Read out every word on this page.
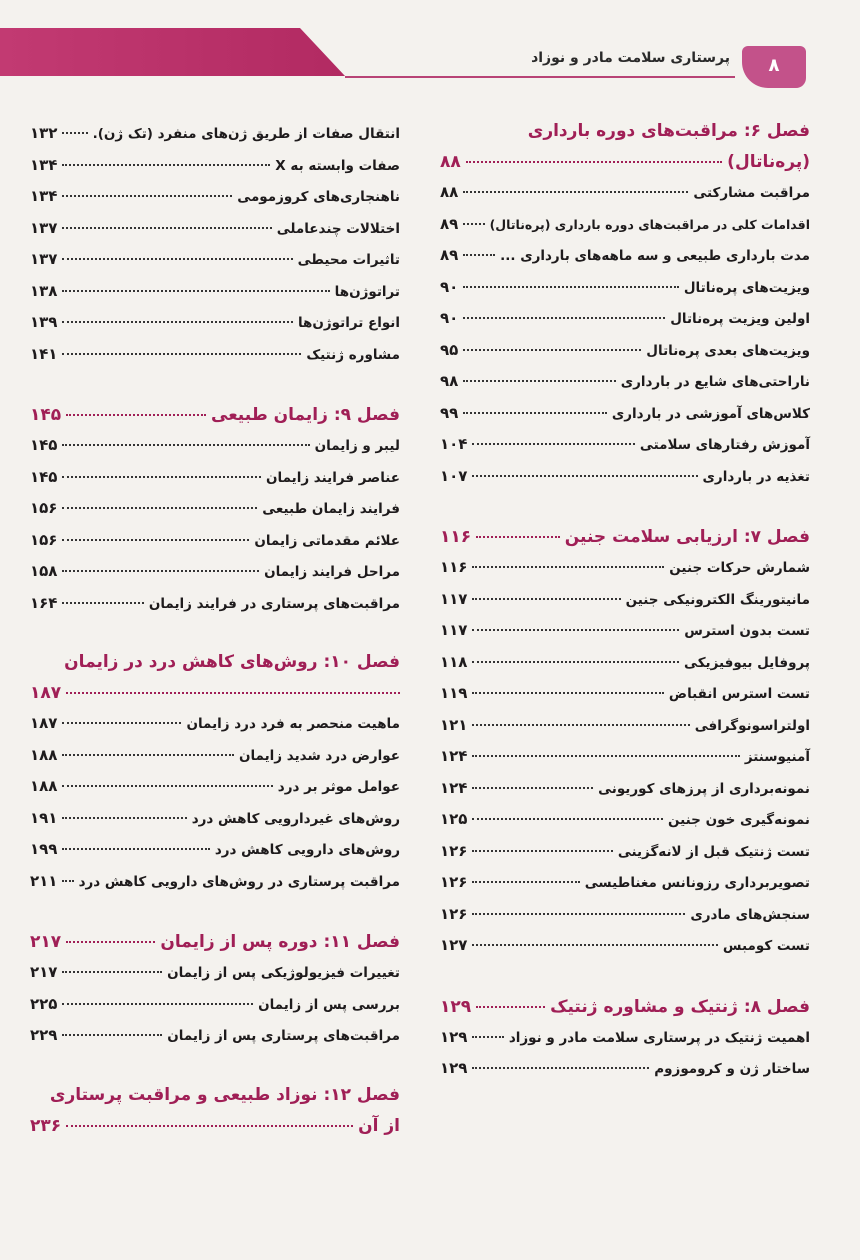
پرستاری سلامت مادر و نوزاد	۸
فصل ۶: مراقبت‌های دوره بارداری
(پره‌ناتال)
۸۸
مراقبت مشارکتی
۸۸
اقدامات کلی در مراقبت‌های دوره بارداری (پره‌ناتال)
۸۹
مدت بارداری طبیعی و سه ماهه‌های بارداری ...
۸۹
ویزیت‌های پره‌ناتال
۹۰
اولین ویزیت پره‌ناتال
۹۰
ویزیت‌های بعدی پره‌ناتال
۹۵
ناراحتی‌های شایع در بارداری
۹۸
کلاس‌های آموزشی در بارداری
۹۹
آموزش رفتارهای سلامتی
۱۰۴
تغذیه در بارداری
۱۰۷
فصل ۷: ارزیابی سلامت جنین
۱۱۶
شمارش حرکات جنین
۱۱۶
مانیتورینگ الکترونیکی جنین
۱۱۷
تست بدون استرس
۱۱۷
پروفایل بیوفیزیکی
۱۱۸
تست استرس انقباض
۱۱۹
اولتراسونوگرافی
۱۲۱
آمنیوسنتز
۱۲۴
نمونه‌برداری از پرزهای کوریونی
۱۲۴
نمونه‌گیری خون جنین
۱۲۵
تست ژنتیک قبل از لانه‌گزینی
۱۲۶
تصویربرداری رزونانس مغناطیسی
۱۲۶
سنجش‌های مادری
۱۲۶
تست کومبس
۱۲۷
فصل ۸: ژنتیک و مشاوره ژنتیک
۱۲۹
اهمیت ژنتیک در پرستاری سلامت مادر و نوزاد
۱۲۹
ساختار ژن و کروموزوم
۱۲۹
انتقال صفات از طریق ژن‌های منفرد (تک ژن).
۱۳۲
صفات وابسته به X
۱۳۴
ناهنجاری‌های کروزمومی
۱۳۴
اختلالات چندعاملی
۱۳۷
تاثیرات محیطی
۱۳۷
تراتوژن‌ها
۱۳۸
انواع تراتوژن‌ها
۱۳۹
مشاوره ژنتیک
۱۴۱
فصل ۹: زایمان طبیعی
۱۴۵
لیبر و زایمان
۱۴۵
عناصر فرایند زایمان
۱۴۵
فرایند زایمان طبیعی
۱۵۶
علائم مقدماتی زایمان
۱۵۶
مراحل فرایند زایمان
۱۵۸
مراقبت‌های پرستاری در فرایند زایمان
۱۶۴
فصل ۱۰: روش‌های کاهش درد در زایمان
۱۸۷
ماهیت منحصر به فرد درد زایمان
۱۸۷
عوارض درد شدید زایمان
۱۸۸
عوامل موثر بر درد
۱۸۸
روش‌های غیردارویی کاهش درد
۱۹۱
روش‌های دارویی کاهش درد
۱۹۹
مراقبت پرستاری در روش‌های دارویی کاهش درد
۲۱۱
فصل ۱۱: دوره پس از زایمان
۲۱۷
تغییرات فیزیولوژیکی پس از زایمان
۲۱۷
بررسی پس از زایمان
۲۲۵
مراقبت‌های پرستاری پس از زایمان
۲۲۹
فصل ۱۲: نوزاد طبیعی و مراقبت پرستاری
از آن
۲۳۶
